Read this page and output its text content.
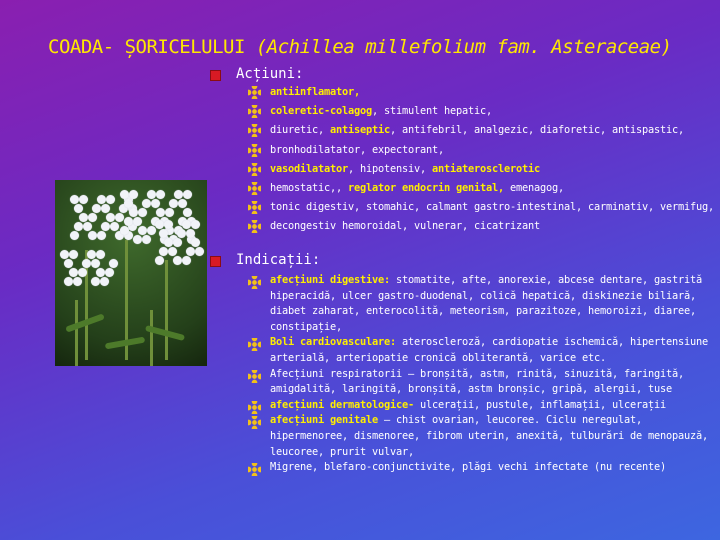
COADA- ȘORICELULUI (Achillea millefolium fam. Asteraceae)
Acțiuni:
antiinflamator,
coleretic-colagog, stimulent hepatic,
diuretic, antiseptic, antifebril, analgezic, diaforetic, antispastic,
bronhodilatator, expectorant,
vasodilatator, hipotensiv, antiaterosclerotic
hemostatic,, reglator endocrin genital, emenagog,
tonic digestiv, stomahic, calmant gastro-intestinal, carminativ, vermifug,
decongestiv hemoroidal, vulnerar, cicatrizant
Indicații:
afecțiuni digestive: stomatite, afte, anorexie, abcese dentare, gastrită hiperacidă, ulcer gastro-duodenal, colică hepatică, diskinezie biliară, diabet zaharat, enterocolită, meteorism, parazitoze, hemoroizi, diaree, constipație,
Boli cardiovasculare: ateroscleroză, cardiopatie ischemică, hipertensiune arterială, arteriopatie cronică obliterantă, varice etc.
Afecțiuni respiratorii – bronșită, astm, rinită, sinuzită, faringită, amigdalită, laringită, bronșită, astm bronșic, gripă, alergii, tuse
afecțiuni dermatologice- ulcerații, pustule, inflamații, ulcerații
afecțiuni genitale – chist ovarian, leucoree. Ciclu neregulat, hipermenoree, dismenoree, fibrom uterin, anexită, tulburări de menopauză, leucoree, prurit vulvar,
Migrene, blefaro-conjunctivite, plăgi vechi infectate (nu recente)
